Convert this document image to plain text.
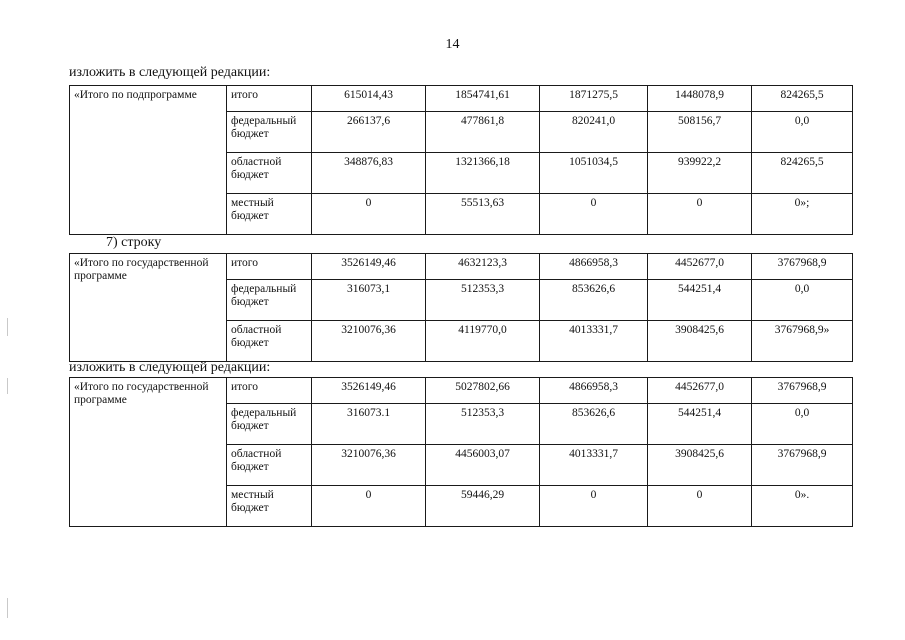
14
изложить в следующей редакции:
«Итого по подпрограмме	итого	615014,43	1854741,61	1871275,5	1448078,9	824265,5
	федеральный бюджет	266137,6	477861,8	820241,0	508156,7	0,0
	областной бюджет	348876,83	1321366,18	1051034,5	939922,2	824265,5
	местный бюджет	0	55513,63	0	0	0»;
7) строку
«Итого по государственной программе	итого	3526149,46	4632123,3	4866958,3	4452677,0	3767968,9
	федеральный бюджет	316073,1	512353,3	853626,6	544251,4	0,0
	областной бюджет	3210076,36	4119770,0	4013331,7	3908425,6	3767968,9»
изложить в следующей редакции:
«Итого по государственной программе	итого	3526149,46	5027802,66	4866958,3	4452677,0	3767968,9
	федеральный бюджет	316073.1	512353,3	853626,6	544251,4	0,0
	областной бюджет	3210076,36	4456003,07	4013331,7	3908425,6	3767968,9
	местный бюджет	0	59446,29	0	0	0».
